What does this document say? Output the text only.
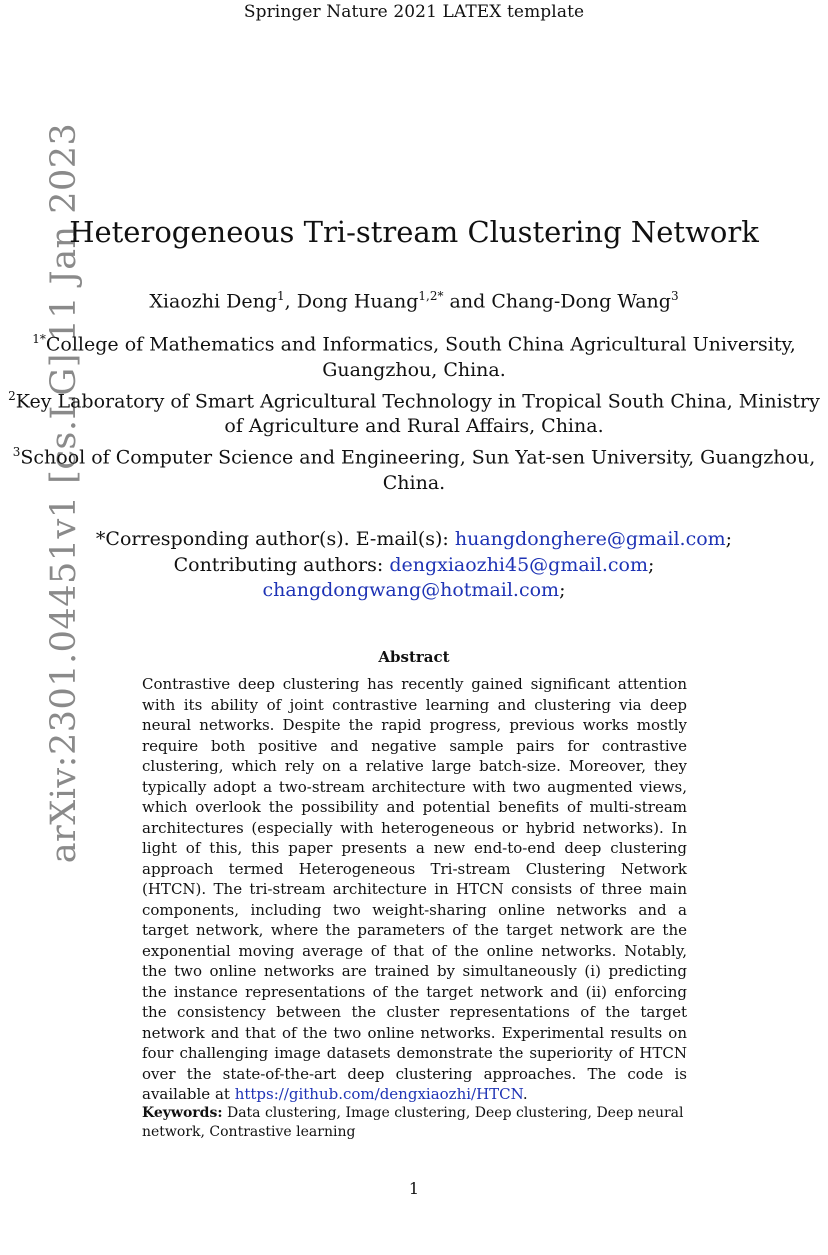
Springer Nature 2021 LATEX template
arXiv:2301.04451v1 [cs.LG] 11 Jan 2023
Heterogeneous Tri-stream Clustering Network
Xiaozhi Deng$^1$, Dong Huang$^{1,2*}$ and Chang-Dong Wang$^3$
$^{1*}$College of Mathematics and Informatics, South China Agricultural University, Guangzhou, China.
$^2$Key Laboratory of Smart Agricultural Technology in Tropical South China, Ministry of Agriculture and Rural Affairs, China.
$^3$School of Computer Science and Engineering, Sun Yat-sen University, Guangzhou, China.
*Corresponding author(s). E-mail(s): huangdonghere@gmail.com;
Contributing authors: dengxiaozhi45@gmail.com;
changdongwang@hotmail.com;
Abstract

Contrastive deep clustering has recently gained significant attention with its ability of joint contrastive learning and clustering via deep neural networks. Despite the rapid progress, previous works mostly require both positive and negative sample pairs for contrastive clustering, which rely on a relative large batch-size. Moreover, they typically adopt a two-stream architecture with two augmented views, which overlook the possibility and potential benefits of multi-stream architectures (especially with heterogeneous or hybrid networks). In light of this, this paper presents a new end-to-end deep clustering approach termed Heterogeneous Tri-stream Clustering Network (HTCN). The tri-stream architecture in HTCN consists of three main components, including two weight-sharing online networks and a target network, where the parameters of the target network are the exponential moving average of that of the online networks. Notably, the two online networks are trained by simultaneously (i) predicting the instance representations of the target network and (ii) enforcing the consistency between the cluster representations of the target network and that of the two online networks. Experimental results on four challenging image datasets demonstrate the superiority of HTCN over the state-of-the-art deep clustering approaches. The code is available at https://github.com/dengxiaozhi/HTCN.

Keywords: Data clustering, Image clustering, Deep clustering, Deep neural network, Contrastive learning

1
